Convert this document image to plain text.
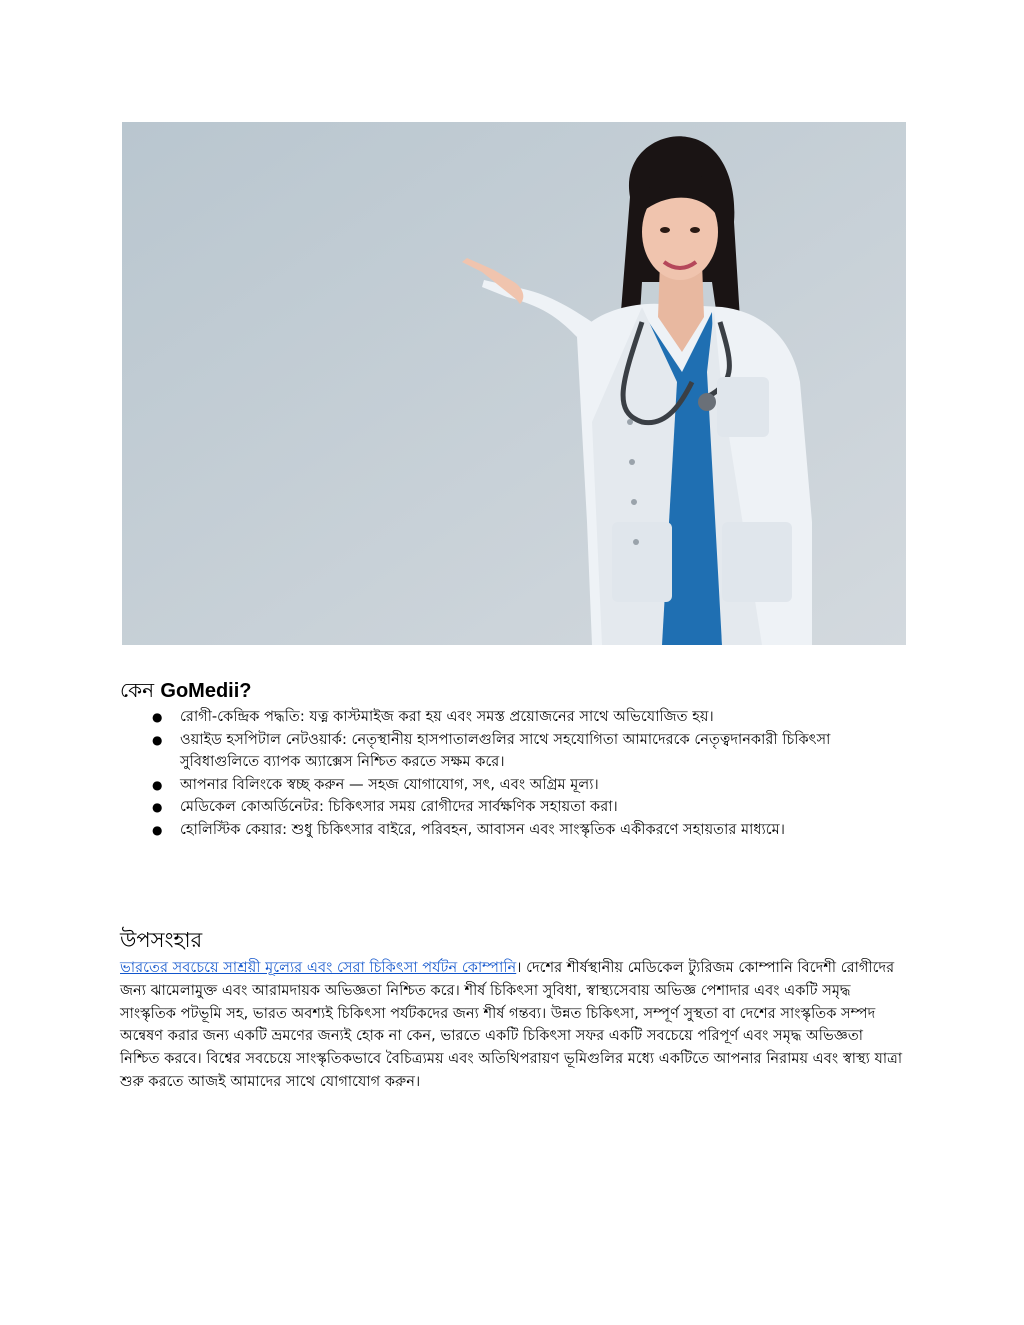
কেন GoMedii?
● রোগী-কেন্দ্রিক পদ্ধতি: যত্ন কাস্টমাইজ করা হয় এবং সমস্ত প্রয়োজনের সাথে অভিযোজিত হয়।
● ওয়াইড হসপিটাল নেটওয়ার্ক: নেতৃস্থানীয় হাসপাতালগুলির সাথে সহযোগিতা আমাদেরকে নেতৃত্বদানকারী চিকিৎসা সুবিধাগুলিতে ব্যাপক অ্যাক্সেস নিশ্চিত করতে সক্ষম করে।
● আপনার বিলিংকে স্বচ্ছ করুন — সহজ যোগাযোগ, সৎ, এবং অগ্রিম মূল্য।
● মেডিকেল কোঅর্ডিনেটর: চিকিৎসার সময় রোগীদের সার্বক্ষণিক সহায়তা করা।
● হোলিস্টিক কেয়ার: শুধু চিকিৎসার বাইরে, পরিবহন, আবাসন এবং সাংস্কৃতিক একীকরণে সহায়তার মাধ্যমে।
উপসংহার

ভারতের সবচেয়ে সাশ্রয়ী মূল্যের এবং সেরা চিকিৎসা পর্যটন কোম্পানি। দেশের শীর্ষস্থানীয় মেডিকেল ট্যুরিজম কোম্পানি বিদেশী রোগীদের জন্য ঝামেলামুক্ত এবং আরামদায়ক অভিজ্ঞতা নিশ্চিত করে। শীর্ষ চিকিৎসা সুবিধা, স্বাস্থ্যসেবায় অভিজ্ঞ পেশাদার এবং একটি সমৃদ্ধ সাংস্কৃতিক পটভূমি সহ, ভারত অবশ্যই চিকিৎসা পর্যটকদের জন্য শীর্ষ গন্তব্য। উন্নত চিকিৎসা, সম্পূর্ণ সুস্থতা বা দেশের সাংস্কৃতিক সম্পদ অন্বেষণ করার জন্য একটি ভ্রমণের জন্যই হোক না কেন, ভারতে একটি চিকিৎসা সফর একটি সবচেয়ে পরিপূর্ণ এবং সমৃদ্ধ অভিজ্ঞতা নিশ্চিত করবে। বিশ্বের সবচেয়ে সাংস্কৃতিকভাবে বৈচিত্র্যময় এবং অতিথিপরায়ণ ভূমিগুলির মধ্যে একটিতে আপনার নিরাময় এবং স্বাস্থ্য যাত্রা শুরু করতে আজই আমাদের সাথে যোগাযোগ করুন।
